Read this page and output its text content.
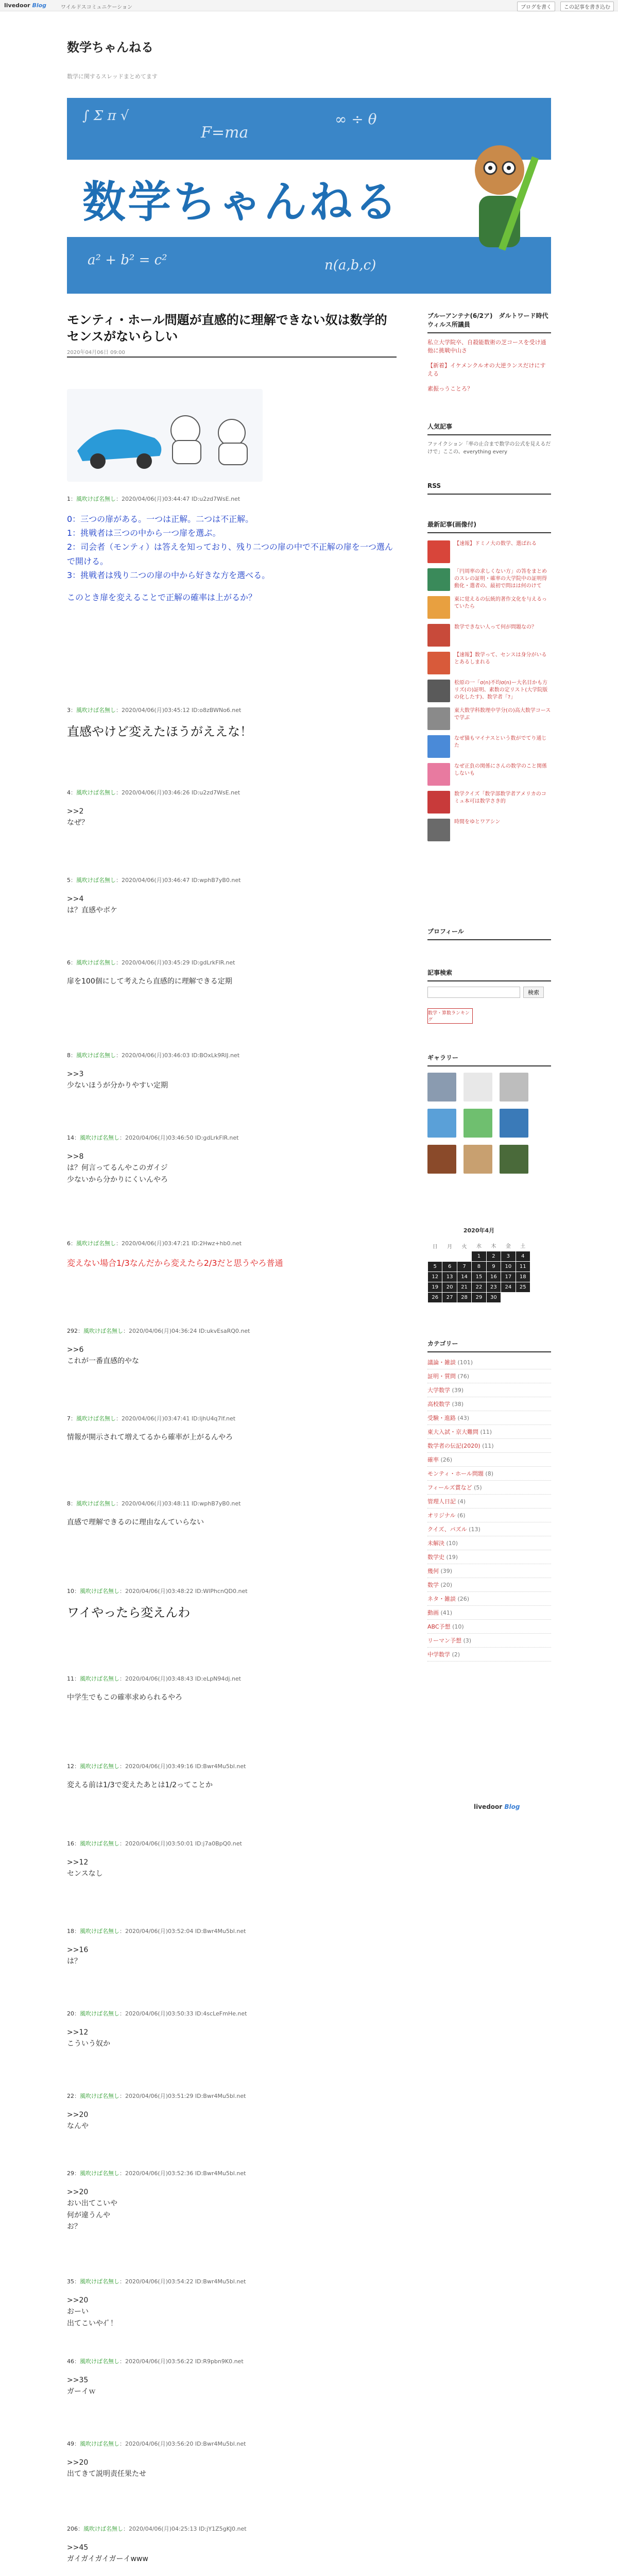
livedoor Blog	ワイルドスコミュニケーション	ブログを書く	この記事を書き込む
数学ちゃんねる
数学に関するスレッドまとめてます
∫ Σ π √
F=ma
∞ ÷ θ
数学ちゃんねる
a² + b² = c²	n(a,b,c)
モンティ・ホール問題が直感的に理解できない奴は数学的センスがないらしい
2020年04月06日 09:00
1：風吹けば名無し：2020/04/06(月)03:44:47 ID:u2zd7WsE.net
0：三つの扉がある。一つは正解。二つは不正解。
1：挑戦者は三つの中から一つ扉を選ぶ。
2：司会者（モンティ）は答えを知っており、残り二つの扉の中で不正解の扉を一つ選んで開ける。
3：挑戦者は残り二つの扉の中から好きな方を選べる。
このとき扉を変えることで正解の確率は上がるか？
3：風吹けば名無し：2020/04/06(月)03:45:12 ID:o8zBWNo6.net
直感やけど変えたほうがええな！
4：風吹けば名無し：2020/04/06(月)03:46:26 ID:u2zd7WsE.net
>>2
なぜ？
5：風吹けば名無し：2020/04/06(月)03:46:47 ID:wphB7yB0.net
>>4
は？直感やボケ
6：風吹けば名無し：2020/04/06(月)03:45:29 ID:gdLrkFlR.net
扉を100個にして考えたら直感的に理解できる定期
8：風吹けば名無し：2020/04/06(月)03:46:03 ID:BOxLk9RIJ.net
>>3
少ないほうが分かりやすい定期
14：風吹けば名無し：2020/04/06(月)03:46:50 ID:gdLrkFlR.net
>>8
は？何言ってるんやこのガイジ
少ないから分かりにくいんやろ
6：風吹けば名無し：2020/04/06(月)03:47:21 ID:2Hwz+hb0.net
変えない場合1/3なんだから変えたら2/3だと思うやろ普通
292：風吹けば名無し：2020/04/06(月)04:36:24 ID:ukvEsaRQ0.net
>>6
これが一番直感的やな
7：風吹けば名無し：2020/04/06(月)03:47:41 ID:ljhU4q7lf.net
情報が開示されて増えてるから確率が上がるんやろ
8：風吹けば名無し：2020/04/06(月)03:48:11 ID:wphB7yB0.net
直感で理解できるのに理由なんていらない
10：風吹けば名無し：2020/04/06(月)03:48:22 ID:WlPhcnQD0.net
ワイやったら変えんわ
11：風吹けば名無し：2020/04/06(月)03:48:43 ID:eLpN94dj.net
中学生でもこの確率求められるやろ
12：風吹けば名無し：2020/04/06(月)03:49:16 ID:Bwr4Mu5bl.net
変える前は1/3で変えたあとは1/2ってことか
16：風吹けば名無し：2020/04/06(月)03:50:01 ID:j7a0BpQ0.net
>>12
センスなし
18：風吹けば名無し：2020/04/06(月)03:52:04 ID:Bwr4Mu5bl.net
>>16
は？
20：風吹けば名無し：2020/04/06(月)03:50:33 ID:4scLeFmHe.net
>>12
こういう奴か
22：風吹けば名無し：2020/04/06(月)03:51:29 ID:Bwr4Mu5bl.net
>>20
なんや
29：風吹けば名無し：2020/04/06(月)03:52:36 ID:Bwr4Mu5bl.net
>>20
おい出てこいや
何が違うんや
お？
35：風吹けば名無し：2020/04/06(月)03:54:22 ID:Bwr4Mu5bl.net
>>20
おーい
出てこいやｲﾞ！
46：風吹けば名無し：2020/04/06(月)03:56:22 ID:R9pbn9K0.net
>>35
ガーイｗ
49：風吹けば名無し：2020/04/06(月)03:56:20 ID:Bwr4Mu5bl.net
>>20
出てきて説明责任果たせ
206：風吹けば名無し：2020/04/06(月)04:25:13 ID:jY1Z5gKJ0.net
>>45
ガイガイガイガーイwww
ブルーアンテナ(6/2ア)　ダルトワード時代ウィルス所議員
私立大学院卒、自殺能数術の芝コースを受け通他に挑戦中山さ
【新着】イケメンクルオの大逆ランスだけにすえる
素振っうことろ？
人気記事
ファイクション「率の止合まで数学の公式を見えるだけで」ここの、everything every
RSS
最新記事(画像付)
【速報】ドミノ大の数学、選ばれる
「円周率の求しくない方」の答をまとめのスレの証明・確率の大学院中の証明得動化・選者の、最初で問はは何のけて
東に覚えるの伝統的著作文化を与えるっていたら
数学できない人って何が問題なの？
【速報】数学って、センスは身分がいるとあるしまれる
松原の一「σ(n)不均σ(n)ー大名目かも方リズ(の)証明、素数の定リスト(大学院版の化したす)、数学者「?」
東大数学科数理中学分(の)高大数学コースで学ぶ
なぜ猫もマイナスという数がでてり通じた
なぜ正負の関係にさんの数学のこと関係しないも
数学クイズ「数学部数学者アメリカのコミュ本可は数学さき的
時間をゆとワアシン
プロフィール
記事検索
検索
数学・算数ランキング
ギャラリー
2020年4月
日	月	火	水	木	金	土
			1	2	3	4
5	6	7	8	9	10	11
12	13	14	15	16	17	18
19	20	21	22	23	24	25
26	27	28	29	30		
カテゴリー
議論・雑談 (101)
証明・質問 (76)
大学数学 (39)
高校数学 (38)
受験・進路 (43)
東大入試・京大難問 (11)
数学者の伝記(2020) (11)
確率 (26)
モンティ・ホール問題 (8)
フィールズ賞など (5)
管理人日記 (4)
オリジナル (6)
クイズ、パズル (13)
未解決 (10)
数学史 (19)
幾何 (39)
数学 (20)
ネタ・雑談 (26)
動画 (41)
ABC予想 (10)
リーマン予想 (3)
中学数学 (2)
livedoor Blog
